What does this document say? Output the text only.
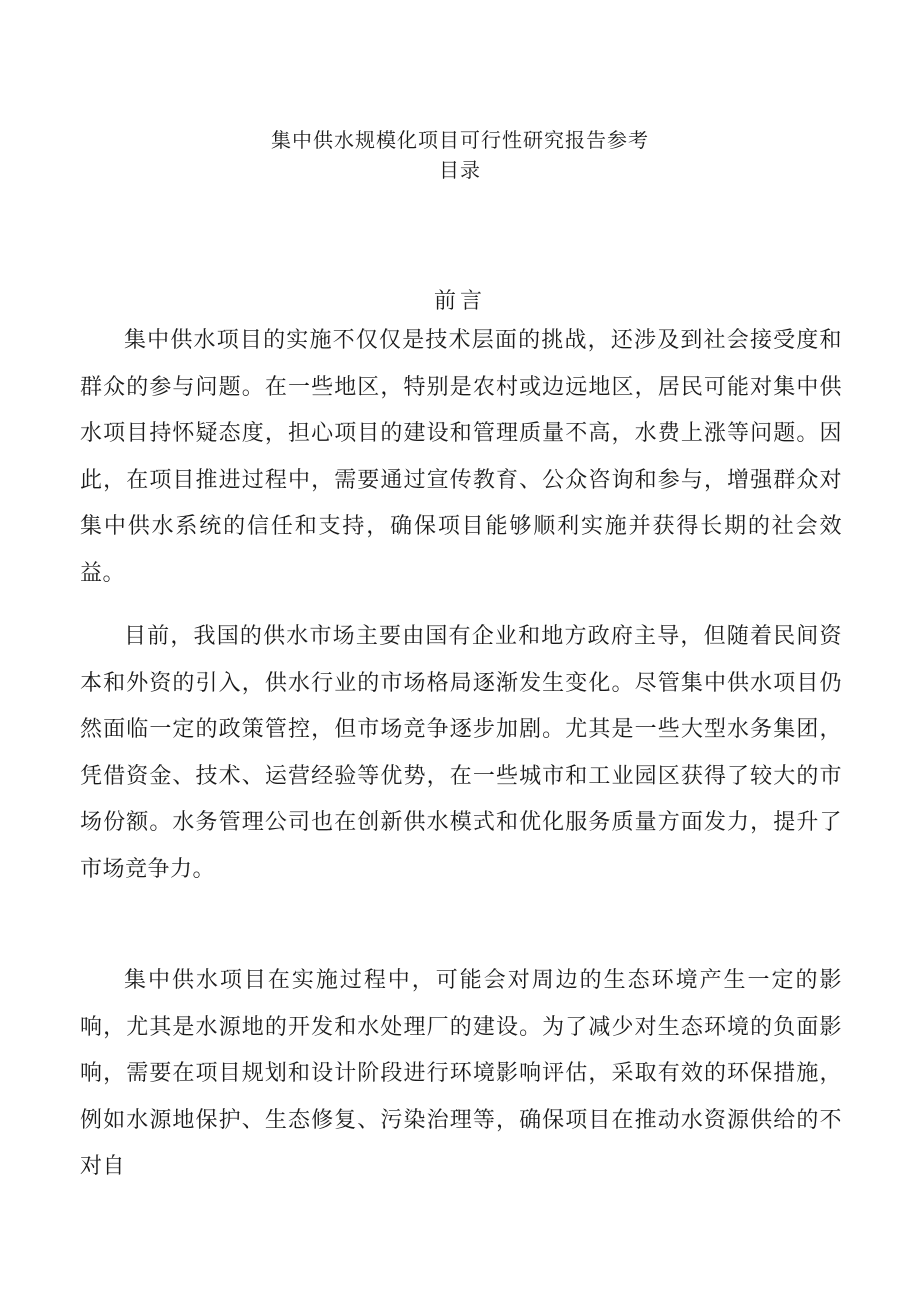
集中供水规模化项目可行性研究报告参考
目录
前言

集中供水项目的实施不仅仅是技术层面的挑战，还涉及到社会接受度和群众的参与问题。在一些地区，特别是农村或边远地区，居民可能对集中供水项目持怀疑态度，担心项目的建设和管理质量不高，水费上涨等问题。因此，在项目推进过程中，需要通过宣传教育、公众咨询和参与，增强群众对集中供水系统的信任和支持，确保项目能够顺利实施并获得长期的社会效益。

目前，我国的供水市场主要由国有企业和地方政府主导，但随着民间资本和外资的引入，供水行业的市场格局逐渐发生变化。尽管集中供水项目仍然面临一定的政策管控，但市场竞争逐步加剧。尤其是一些大型水务集团，凭借资金、技术、运营经验等优势，在一些城市和工业园区获得了较大的市场份额。水务管理公司也在创新供水模式和优化服务质量方面发力，提升了市场竞争力。

集中供水项目在实施过程中，可能会对周边的生态环境产生一定的影响，尤其是水源地的开发和水处理厂的建设。为了减少对生态环境的负面影响，需要在项目规划和设计阶段进行环境影响评估，采取有效的环保措施，例如水源地保护、生态修复、污染治理等，确保项目在推动水资源供给的不对自
